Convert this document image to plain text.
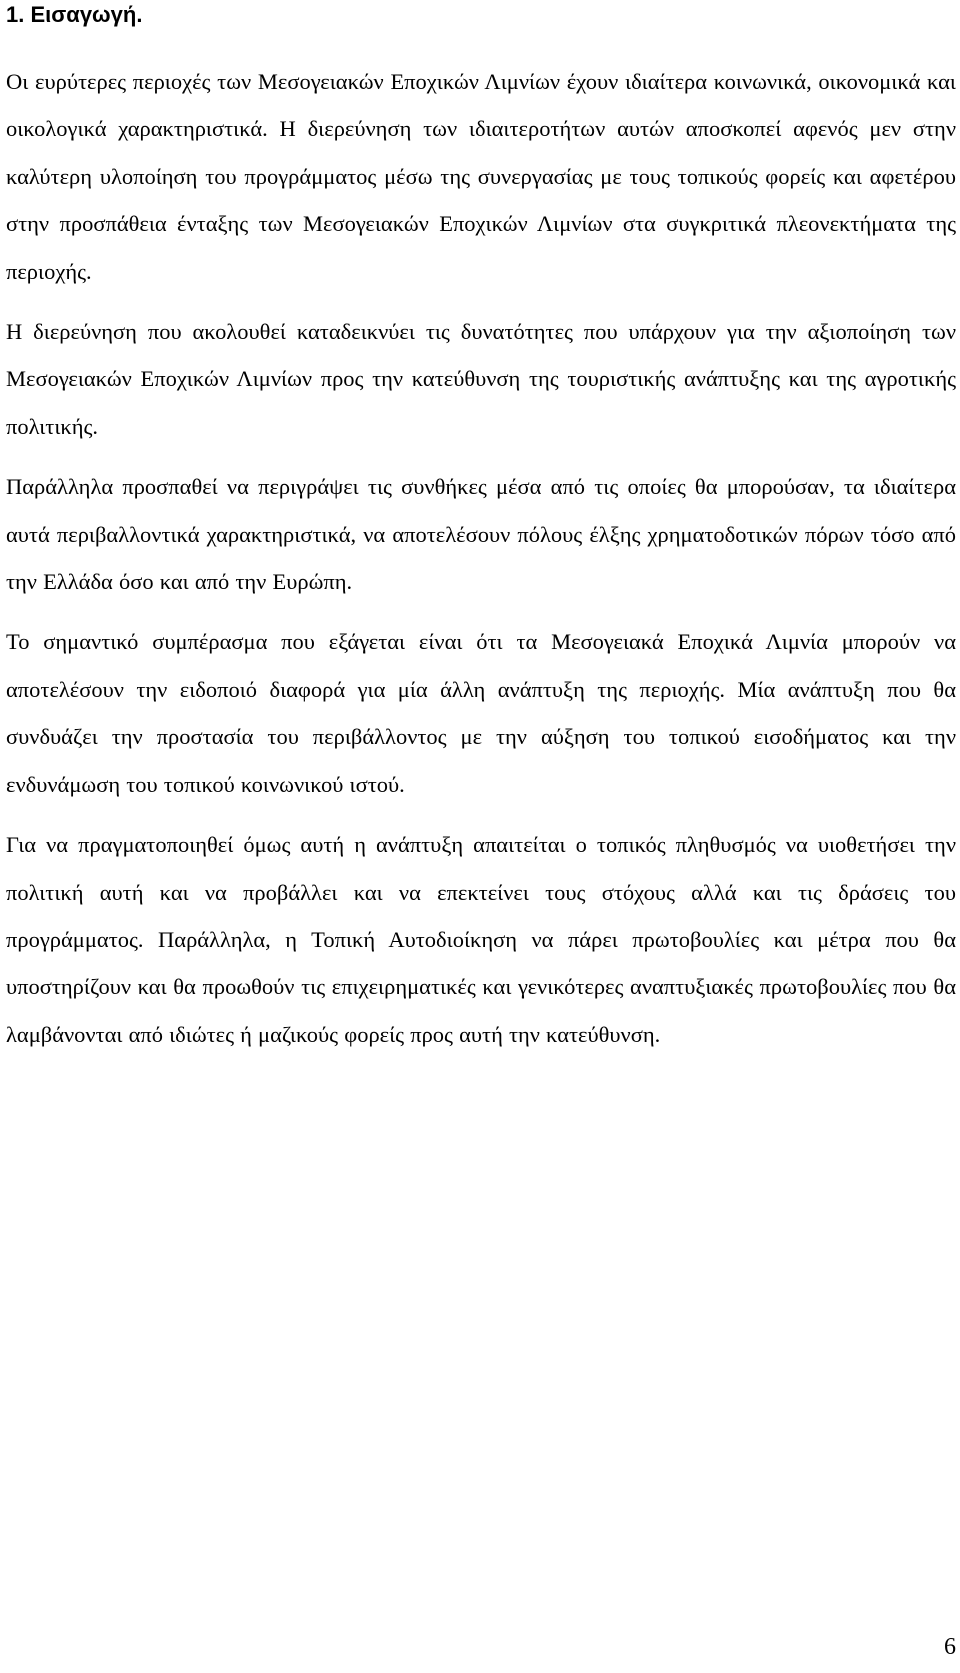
1. Εισαγωγή.

Οι ευρύτερες περιοχές των Μεσογειακών Εποχικών Λιμνίων έχουν ιδιαίτερα κοινωνικά, οικονομικά και οικολογικά χαρακτηριστικά. Η διερεύνηση των ιδιαιτεροτήτων αυτών αποσκοπεί αφενός μεν στην καλύτερη υλοποίηση του προγράμματος μέσω της συνεργασίας με τους τοπικούς φορείς και αφετέρου στην προσπάθεια ένταξης των Μεσογειακών Εποχικών Λιμνίων στα συγκριτικά πλεονεκτήματα της περιοχής.

Η διερεύνηση που ακολουθεί καταδεικνύει τις δυνατότητες που υπάρχουν για την αξιοποίηση των Μεσογειακών Εποχικών Λιμνίων προς την κατεύθυνση της τουριστικής ανάπτυξης και της αγροτικής πολιτικής.

Παράλληλα προσπαθεί να περιγράψει τις συνθήκες μέσα από τις οποίες θα μπορούσαν, τα ιδιαίτερα αυτά περιβαλλοντικά χαρακτηριστικά, να αποτελέσουν πόλους έλξης χρηματοδοτικών πόρων τόσο από την Ελλάδα όσο και από την Ευρώπη.

Το σημαντικό συμπέρασμα που εξάγεται είναι ότι τα Μεσογειακά Εποχικά Λιμνία μπορούν να αποτελέσουν την ειδοποιό διαφορά για μία άλλη ανάπτυξη της περιοχής. Μία ανάπτυξη που θα συνδυάζει την προστασία του περιβάλλοντος με την αύξηση του τοπικού εισοδήματος και την ενδυνάμωση του τοπικού κοινωνικού ιστού.

Για να πραγματοποιηθεί όμως αυτή η ανάπτυξη απαιτείται ο τοπικός πληθυσμός να υιοθετήσει την πολιτική αυτή και να προβάλλει και να επεκτείνει τους στόχους αλλά και τις δράσεις του προγράμματος. Παράλληλα, η Τοπική Αυτοδιοίκηση να πάρει πρωτοβουλίες και μέτρα που θα υποστηρίζουν και θα προωθούν τις επιχειρηματικές και γενικότερες αναπτυξιακές πρωτοβουλίες που θα λαμβάνονται από ιδιώτες ή μαζικούς φορείς προς αυτή την κατεύθυνση.

6
